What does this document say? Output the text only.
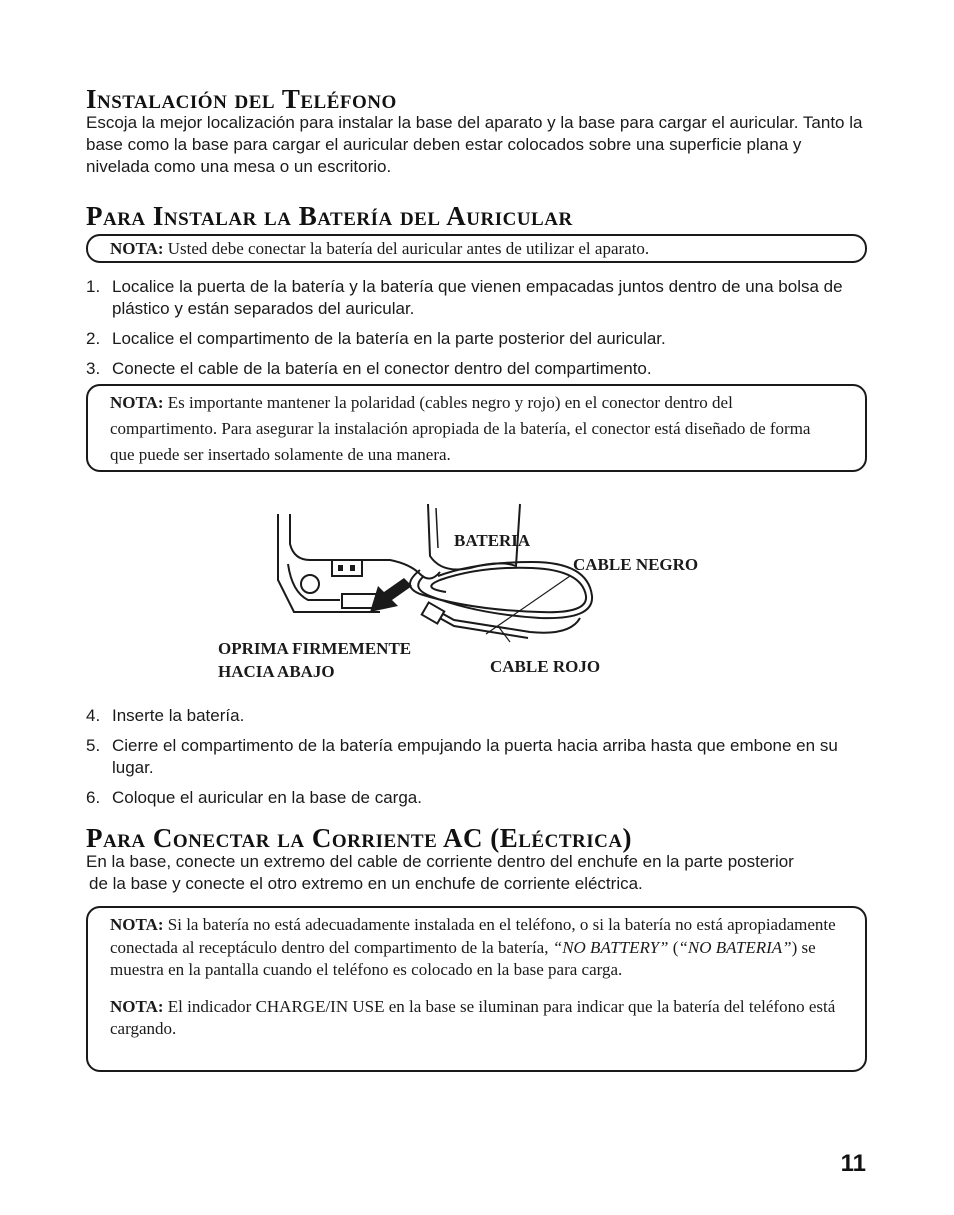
Instalación del Teléfono
Escoja la mejor localización para instalar la base del aparato y la base para cargar el auricular. Tanto la base como la base para cargar el auricular deben estar colocados sobre una superficie plana y nivelada como una mesa o un escritorio.
Para Instalar la Batería del Auricular
NOTA: Usted debe conectar la batería del auricular antes de utilizar el aparato.
1. Localice la puerta de la batería y la batería que vienen empacadas juntos dentro de una bolsa de plástico y están separados del auricular.
2. Localice el compartimento de la batería en la parte posterior del auricular.
3. Conecte el cable de la batería en el conector dentro del compartimento.
NOTA: Es importante mantener la polaridad (cables negro y rojo) en el conector dentro del compartimento. Para asegurar la instalación apropiada de la batería, el conector está diseñado de forma que puede ser insertado solamente de una manera.
BATERIA
CABLE NEGRO
OPRIMA FIRMEMENTE
HACIA ABAJO	CABLE ROJO
4. Inserte la batería.
5. Cierre el compartimento de la batería empujando la puerta hacia arriba hasta que embone en su lugar.
6. Coloque el auricular en la base de carga.
Para Conectar la Corriente AC (Eléctrica)
En la base, conecte un extremo del cable de corriente dentro del enchufe en la parte posterior
de la base y conecte el otro extremo en un enchufe de corriente eléctrica.
NOTA: Si la batería no está adecuadamente instalada en el teléfono, o si la batería no está apropiadamente conectada al receptáculo dentro del compartimento de la batería, “NO BATTERY” (“NO BATERIA”) se muestra en la pantalla cuando el teléfono es colocado en la base para carga.
NOTA: El indicador CHARGE/IN USE en la base se iluminan para indicar que la batería del teléfono está cargando.
11
